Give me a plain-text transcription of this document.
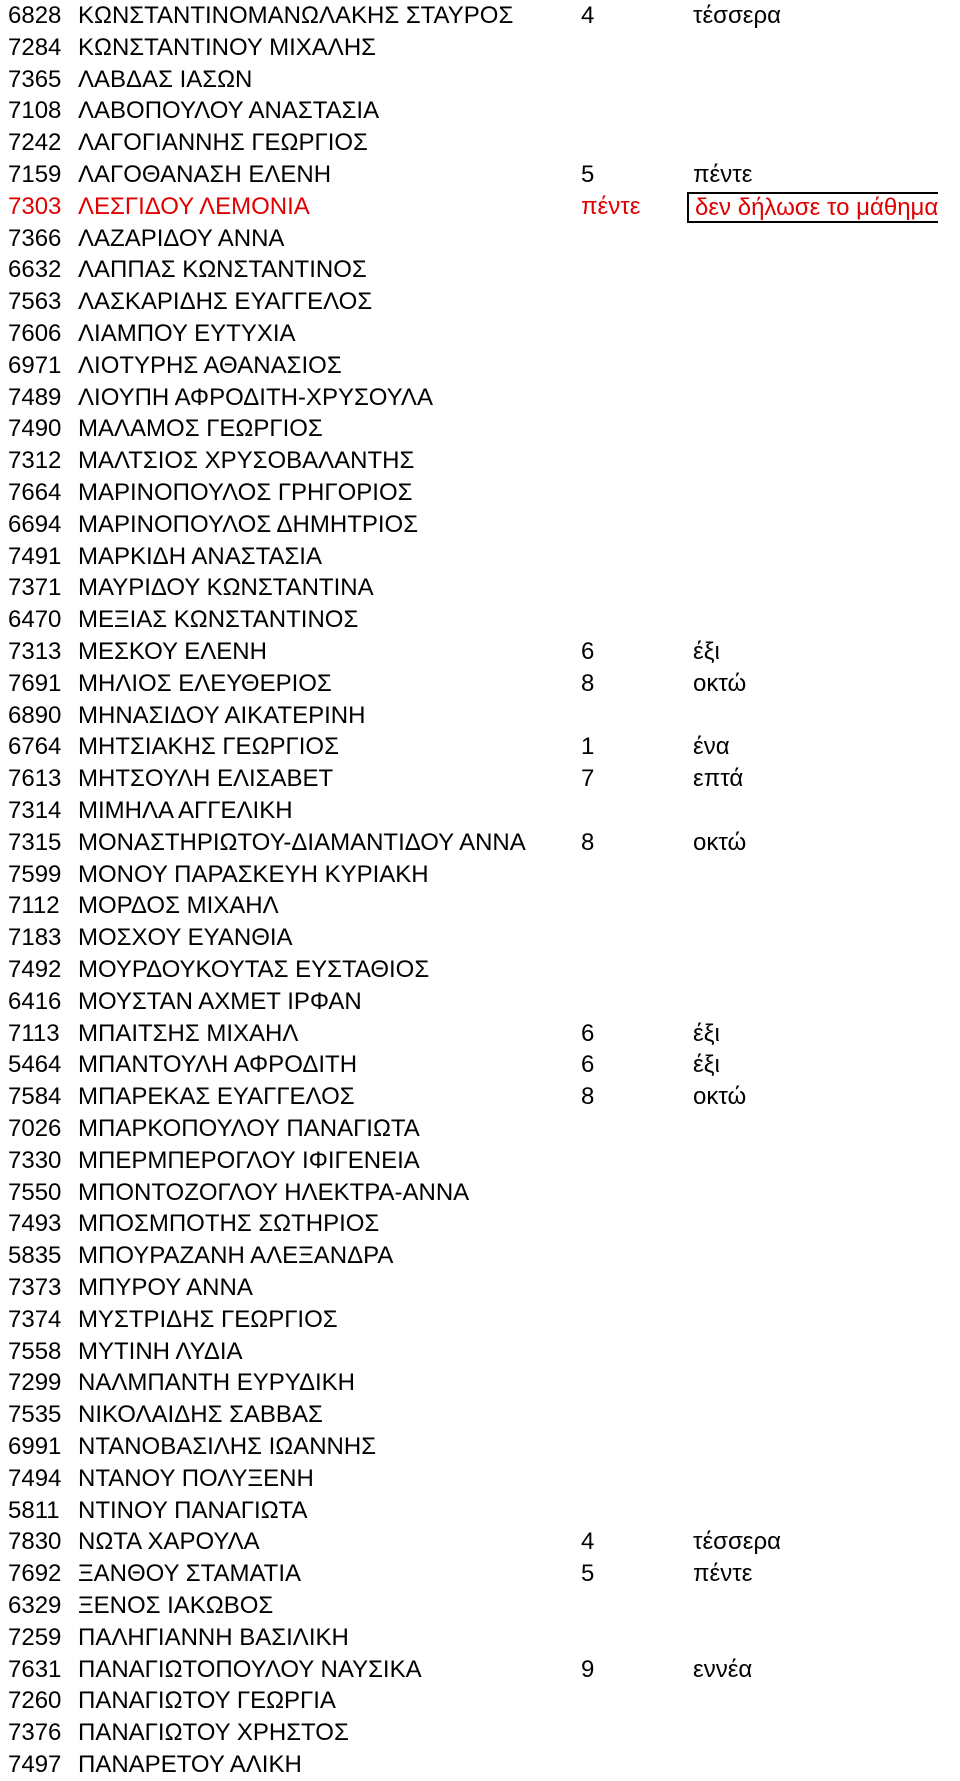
6828 ΚΩΝΣΤΑΝΤΙΝΟΜΑΝΩΛΑΚΗΣ ΣΤΑΥΡΟΣ	4	τέσσερα
7284 ΚΩΝΣΤΑΝΤΙΝΟΥ ΜΙΧΑΛΗΣ
7365 ΛΑΒΔΑΣ ΙΑΣΩΝ
7108 ΛΑΒΟΠΟΥΛΟΥ ΑΝΑΣΤΑΣΙΑ
7242 ΛΑΓΟΓΙΑΝΝΗΣ ΓΕΩΡΓΙΟΣ
7159 ΛΑΓΟΘΑΝΑΣΗ ΕΛΕΝΗ	5	πέντε
7303 ΛΕΣΓΙΔΟΥ ΛΕΜΟΝΙΑ	πέντε	δεν δήλωσε το μάθημα
7366 ΛΑΖΑΡΙΔΟΥ ΑΝΝΑ
6632 ΛΑΠΠΑΣ ΚΩΝΣΤΑΝΤΙΝΟΣ
7563 ΛΑΣΚΑΡΙΔΗΣ ΕΥΑΓΓΕΛΟΣ
7606 ΛΙΑΜΠΟΥ ΕΥΤΥΧΙΑ
6971 ΛΙΟΤΥΡΗΣ ΑΘΑΝΑΣΙΟΣ
7489 ΛΙΟΥΠΗ ΑΦΡΟΔΙΤΗ-ΧΡΥΣΟΥΛΑ
7490 ΜΑΛΑΜΟΣ ΓΕΩΡΓΙΟΣ
7312 ΜΑΛΤΣΙΟΣ ΧΡΥΣΟΒΑΛΑΝΤΗΣ
7664 ΜΑΡΙΝΟΠΟΥΛΟΣ ΓΡΗΓΟΡΙΟΣ
6694 ΜΑΡΙΝΟΠΟΥΛΟΣ ΔΗΜΗΤΡΙΟΣ
7491 ΜΑΡΚΙΔΗ ΑΝΑΣΤΑΣΙΑ
7371 ΜΑΥΡΙΔΟΥ ΚΩΝΣΤΑΝΤΙΝΑ
6470 ΜΕΞΙΑΣ ΚΩΝΣΤΑΝΤΙΝΟΣ
7313 ΜΕΣΚΟΥ ΕΛΕΝΗ	6	έξι
7691 ΜΗΛΙΟΣ ΕΛΕΥΘΕΡΙΟΣ	8	οκτώ
6890 ΜΗΝΑΣΙΔΟΥ ΑΙΚΑΤΕΡΙΝΗ
6764 ΜΗΤΣΙΑΚΗΣ ΓΕΩΡΓΙΟΣ	1	ένα
7613 ΜΗΤΣΟΥΛΗ ΕΛΙΣΑΒΕΤ	7	επτά
7314 ΜΙΜΗΛΑ ΑΓΓΕΛΙΚΗ
7315 ΜΟΝΑΣΤΗΡΙΩΤΟΥ-ΔΙΑΜΑΝΤΙΔΟΥ ΑΝΝΑ 8	οκτώ
7599 ΜΟΝΟΥ ΠΑΡΑΣΚΕΥΗ ΚΥΡΙΑΚΗ
7112 ΜΟΡΔΟΣ ΜΙΧΑΗΛ
7183 ΜΟΣΧΟΥ ΕΥΑΝΘΙΑ
7492 ΜΟΥΡΔΟΥΚΟΥΤΑΣ ΕΥΣΤΑΘΙΟΣ
6416 ΜΟΥΣΤΑΝ ΑΧΜΕΤ ΙΡΦΑΝ
7113 ΜΠΑΙΤΣΗΣ ΜΙΧΑΗΛ	6	έξι
5464 ΜΠΑΝΤΟΥΛΗ ΑΦΡΟΔΙΤΗ	6	έξι
7584 ΜΠΑΡΕΚΑΣ ΕΥΑΓΓΕΛΟΣ	8	οκτώ
7026 ΜΠΑΡΚΟΠΟΥΛΟΥ ΠΑΝΑΓΙΩΤΑ
7330 ΜΠΕΡΜΠΕΡΟΓΛΟΥ ΙΦΙΓΕΝΕΙΑ
7550 ΜΠΟΝΤΟΖΟΓΛΟΥ ΗΛΕΚΤΡΑ-ΑΝΝΑ
7493 ΜΠΟΣΜΠΟΤΗΣ ΣΩΤΗΡΙΟΣ
5835 ΜΠΟΥΡΑΖΑΝΗ ΑΛΕΞΑΝΔΡΑ
7373 ΜΠΥΡΟΥ ΑΝΝΑ
7374 ΜΥΣΤΡΙΔΗΣ ΓΕΩΡΓΙΟΣ
7558 ΜΥΤΙΝΗ ΛΥΔΙΑ
7299 ΝΑΛΜΠΑΝΤΗ ΕΥΡΥΔΙΚΗ
7535 ΝΙΚΟΛΑΙΔΗΣ ΣΑΒΒΑΣ
6991 ΝΤΑΝΟΒΑΣΙΛΗΣ ΙΩΑΝΝΗΣ
7494 ΝΤΑΝΟΥ ΠΟΛΥΞΕΝΗ
5811 ΝΤΙΝΟΥ ΠΑΝΑΓΙΩΤΑ
7830 ΝΩΤΑ ΧΑΡΟΥΛΑ	4	τέσσερα
7692 ΞΑΝΘΟΥ ΣΤΑΜΑΤΙΑ	5	πέντε
6329 ΞΕΝΟΣ ΙΑΚΩΒΟΣ
7259 ΠΑΛΗΓΙΑΝΝΗ ΒΑΣΙΛΙΚΗ
7631 ΠΑΝΑΓΙΩΤΟΠΟΥΛΟΥ ΝΑΥΣΙΚΑ	9	εννέα
7260 ΠΑΝΑΓΙΩΤΟΥ ΓΕΩΡΓΙΑ
7376 ΠΑΝΑΓΙΩΤΟΥ ΧΡΗΣΤΟΣ
7497 ΠΑΝΑΡΕΤΟΥ ΑΛΙΚΗ
